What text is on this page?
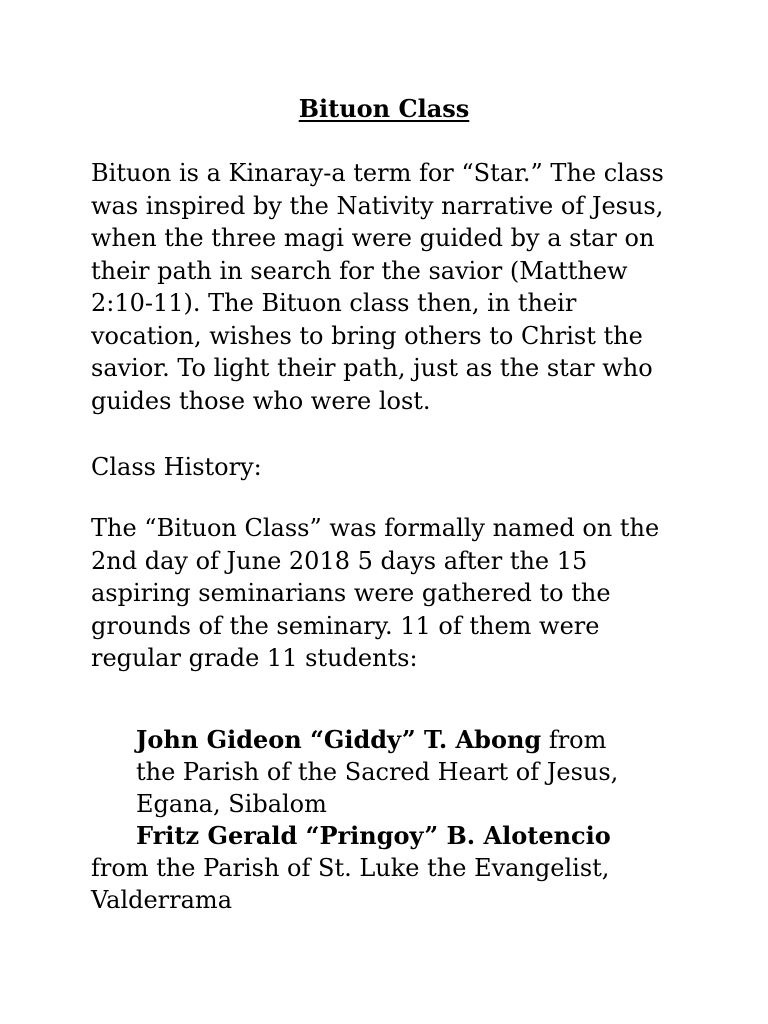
Bituon Class

Bituon is a Kinaray-a term for “Star.” The class
was inspired by the Nativity narrative of Jesus,
when the three magi were guided by a star on
their path in search for the savior (Matthew
2:10-11). The Bituon class then, in their
vocation, wishes to bring others to Christ the
savior. To light their path, just as the star who
guides those who were lost.

Class History:

The “Bituon Class” was formally named on the
2nd day of June 2018 5 days after the 15
aspiring seminarians were gathered to the
grounds of the seminary. 11 of them were
regular grade 11 students:

John Gideon “Giddy” T. Abong from
the Parish of the Sacred Heart of Jesus,
Egana, Sibalom
Fritz Gerald “Pringoy” B. Alotencio
from the Parish of St. Luke the Evangelist,
Valderrama
